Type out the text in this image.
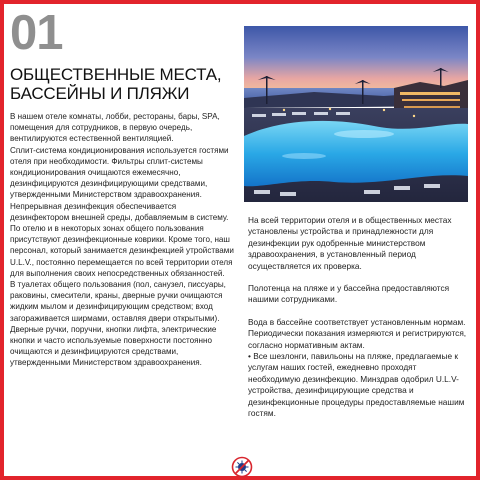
01
ОБЩЕСТВЕННЫЕ МЕСТА,
БАССЕЙНЫ И ПЛЯЖИ

В нашем отеле комнаты, лобби, рестораны, бары, SPA, помещения для сотрудников, в первую очередь, вентилируются естественной вентиляцией.

Сплит-система кондиционирования используется гостями отеля при необходимости. Фильтры сплит-системы кондиционирования очищаются ежемесячно, дезинфицируются дезинфицирующими средствами, утвержденными Министерством здравоохранения. Непрерывная дезинфекция обеспечивается дезинфектором внешней среды, добавляемым в систему.

По отелю и в некоторых зонах общего пользования присутствуют дезинфекционные коврики. Кроме того, наш персонал, который занимается дезинфекцией утройствами U.L.V., постоянно перемещается по всей территории отеля для выполнения своих непосредственных обязанностей.

В туалетах общего пользования (пол, санузел, писсуары, раковины, смесители, краны, дверные ручки очищаются жидким мылом и дезинфицирующим средством; вход загораживается ширмами, оставляя двери открытыми). Дверные ручки, поручни, кнопки лифта, электрические кнопки и часто используемые поверхности постоянно очищаются и дезинфицируются средствами, утвержденными Министерством здравоохранения.

На всей территории отеля и в общественных местах установлены устройства и принадлежности для дезинфекции рук одобренные министерством здравоохранения, в установленный период осуществляется их проверка.

Полотенца на пляже и у бассейна предоставляются нашими сотрудниками.

Вода в бассейне соответствует установленным нормам. Периодически показания измеряются и регистрируются, согласно нормативным актам.

• Все шезлонги, павильоны на пляже, предлагаемые к услугам наших гостей, ежедневно проходят необходимую дезинфекцию. Минздрав одобрил U.L.V-устройства, дезинфицирующие средства и дезинфекционные процедуры предоставляемые нашим гостям.
